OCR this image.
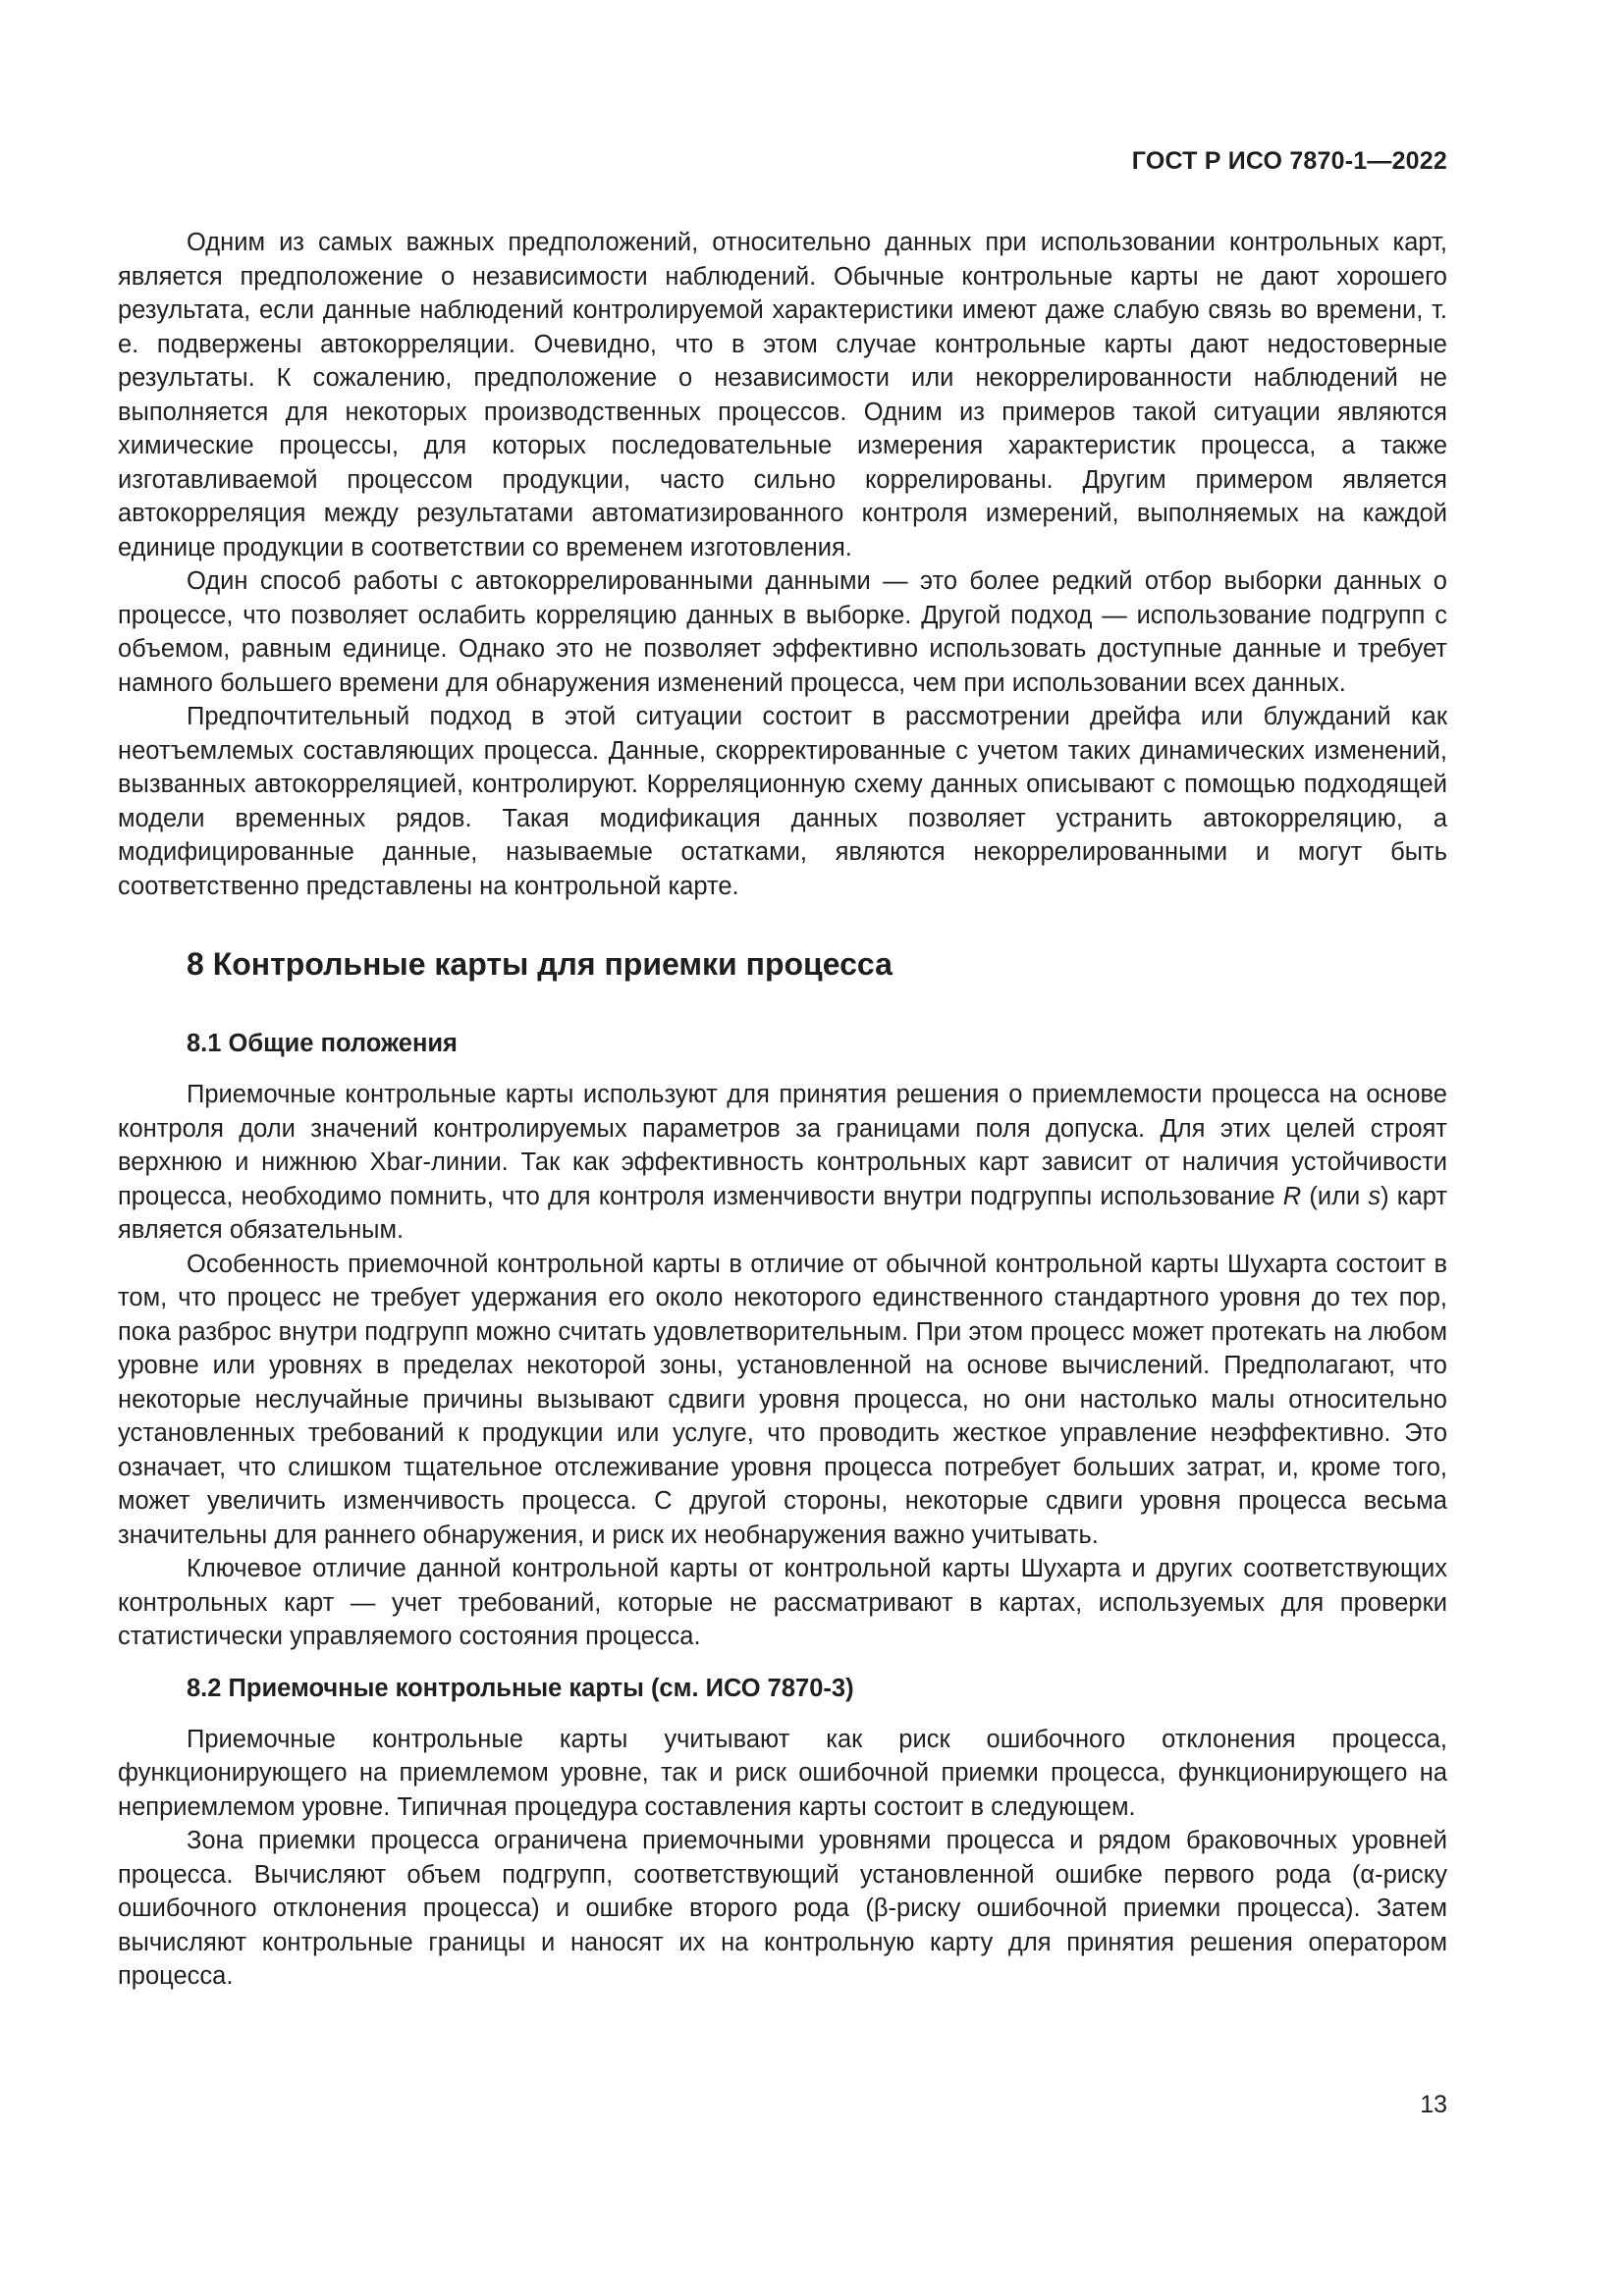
ГОСТ Р ИСО 7870-1—2022

Одним из самых важных предположений, относительно данных при использовании контрольных карт, является предположение о независимости наблюдений. Обычные контрольные карты не дают хорошего результата, если данные наблюдений контролируемой характеристики имеют даже слабую связь во времени, т. е. подвержены автокорреляции. Очевидно, что в этом случае контрольные карты дают недостоверные результаты. К сожалению, предположение о независимости или некоррелированности наблюдений не выполняется для некоторых производственных процессов. Одним из примеров такой ситуации являются химические процессы, для которых последовательные измерения характеристик процесса, а также изготавливаемой процессом продукции, часто сильно коррелированы. Другим примером является автокорреляция между результатами автоматизированного контроля измерений, выполняемых на каждой единице продукции в соответствии со временем изготовления.

Один способ работы с автокоррелированными данными — это более редкий отбор выборки данных о процессе, что позволяет ослабить корреляцию данных в выборке. Другой подход — использование подгрупп с объемом, равным единице. Однако это не позволяет эффективно использовать доступные данные и требует намного большего времени для обнаружения изменений процесса, чем при использовании всех данных.

Предпочтительный подход в этой ситуации состоит в рассмотрении дрейфа или блужданий как неотъемлемых составляющих процесса. Данные, скорректированные с учетом таких динамических изменений, вызванных автокорреляцией, контролируют. Корреляционную схему данных описывают с помощью подходящей модели временных рядов. Такая модификация данных позволяет устранить автокорреляцию, а модифицированные данные, называемые остатками, являются некоррелированными и могут быть соответственно представлены на контрольной карте.

8 Контрольные карты для приемки процесса
8.1 Общие положения

Приемочные контрольные карты используют для принятия решения о приемлемости процесса на основе контроля доли значений контролируемых параметров за границами поля допуска. Для этих целей строят верхнюю и нижнюю Xbar-линии. Так как эффективность контрольных карт зависит от наличия устойчивости процесса, необходимо помнить, что для контроля изменчивости внутри подгруппы использование R (или s) карт является обязательным.

Особенность приемочной контрольной карты в отличие от обычной контрольной карты Шухарта состоит в том, что процесс не требует удержания его около некоторого единственного стандартного уровня до тех пор, пока разброс внутри подгрупп можно считать удовлетворительным. При этом процесс может протекать на любом уровне или уровнях в пределах некоторой зоны, установленной на основе вычислений. Предполагают, что некоторые неслучайные причины вызывают сдвиги уровня процесса, но они настолько малы относительно установленных требований к продукции или услуге, что проводить жесткое управление неэффективно. Это означает, что слишком тщательное отслеживание уровня процесса потребует больших затрат, и, кроме того, может увеличить изменчивость процесса. С другой стороны, некоторые сдвиги уровня процесса весьма значительны для раннего обнаружения, и риск их необнаружения важно учитывать.

Ключевое отличие данной контрольной карты от контрольной карты Шухарта и других соответствующих контрольных карт — учет требований, которые не рассматривают в картах, используемых для проверки статистически управляемого состояния процесса.

8.2 Приемочные контрольные карты (см. ИСО 7870-3)

Приемочные контрольные карты учитывают как риск ошибочного отклонения процесса, функционирующего на приемлемом уровне, так и риск ошибочной приемки процесса, функционирующего на неприемлемом уровне. Типичная процедура составления карты состоит в следующем.

Зона приемки процесса ограничена приемочными уровнями процесса и рядом браковочных уровней процесса. Вычисляют объем подгрупп, соответствующий установленной ошибке первого рода (α-риску ошибочного отклонения процесса) и ошибке второго рода (β-риску ошибочной приемки процесса). Затем вычисляют контрольные границы и наносят их на контрольную карту для принятия решения оператором процесса.

13
